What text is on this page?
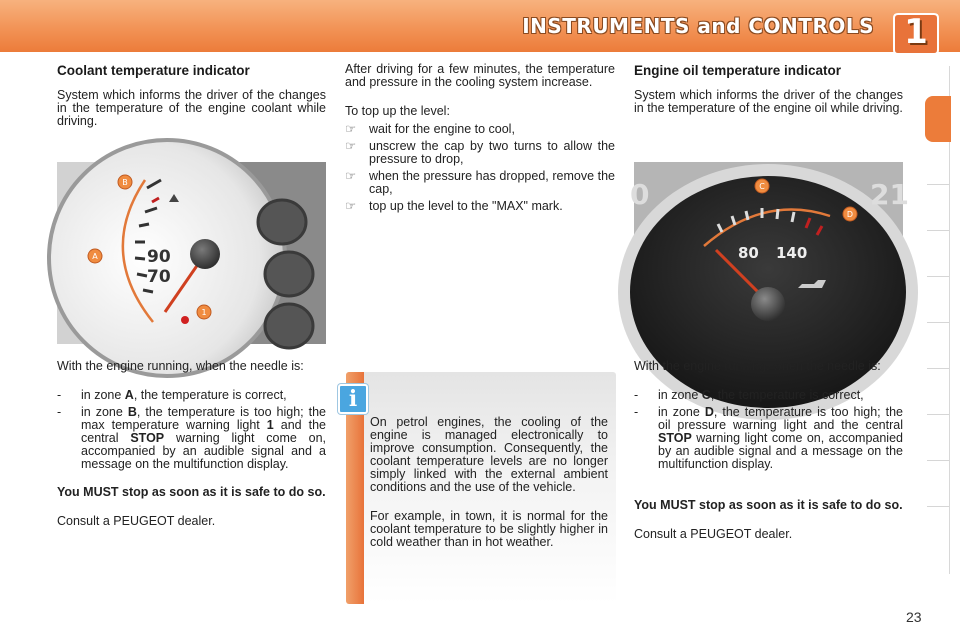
INSTRUMENTS and CONTROLS 1
Coolant temperature indicator

System which informs the driver of the changes in the temperature of the engine coolant while driving.

90
70
B
A
1

With the engine running, when the needle is:

- in zone A, the temperature is correct,
- in zone B, the temperature is too high; the max temperature warning light 1 and the central STOP warning light come on, accompanied by an audible signal and a message on the multifunction display.

You MUST stop as soon as it is safe to do so.

Consult a PEUGEOT dealer.

After driving for a few minutes, the temperature and pressure in the cooling system increase.

To top up the level:

☞ wait for the engine to cool,
☞ unscrew the cap by two turns to allow the pressure to drop,
☞ when the pressure has dropped, remove the cap,
☞ top up the level to the "MAX" mark.
i

On petrol engines, the cooling of the engine is managed electronically to improve consumption. Consequently, the coolant temperature levels are no longer simply linked with the external ambient conditions and the use of the vehicle.

For example, in town, it is normal for the coolant temperature to be slightly higher in cold weather than in hot weather.

Engine oil temperature indicator

System which informs the driver of the changes in the temperature of the engine oil while driving.

0	21
80 140
C
D

With the engine running, when the needle is:

- in zone C, the temperature is correct,
- in zone D, the temperature is too high; the oil pressure warning light and the central STOP warning light come on, accompanied by an audible signal and a message on the multifunction display.

You MUST stop as soon as it is safe to do so.

Consult a PEUGEOT dealer.

23
